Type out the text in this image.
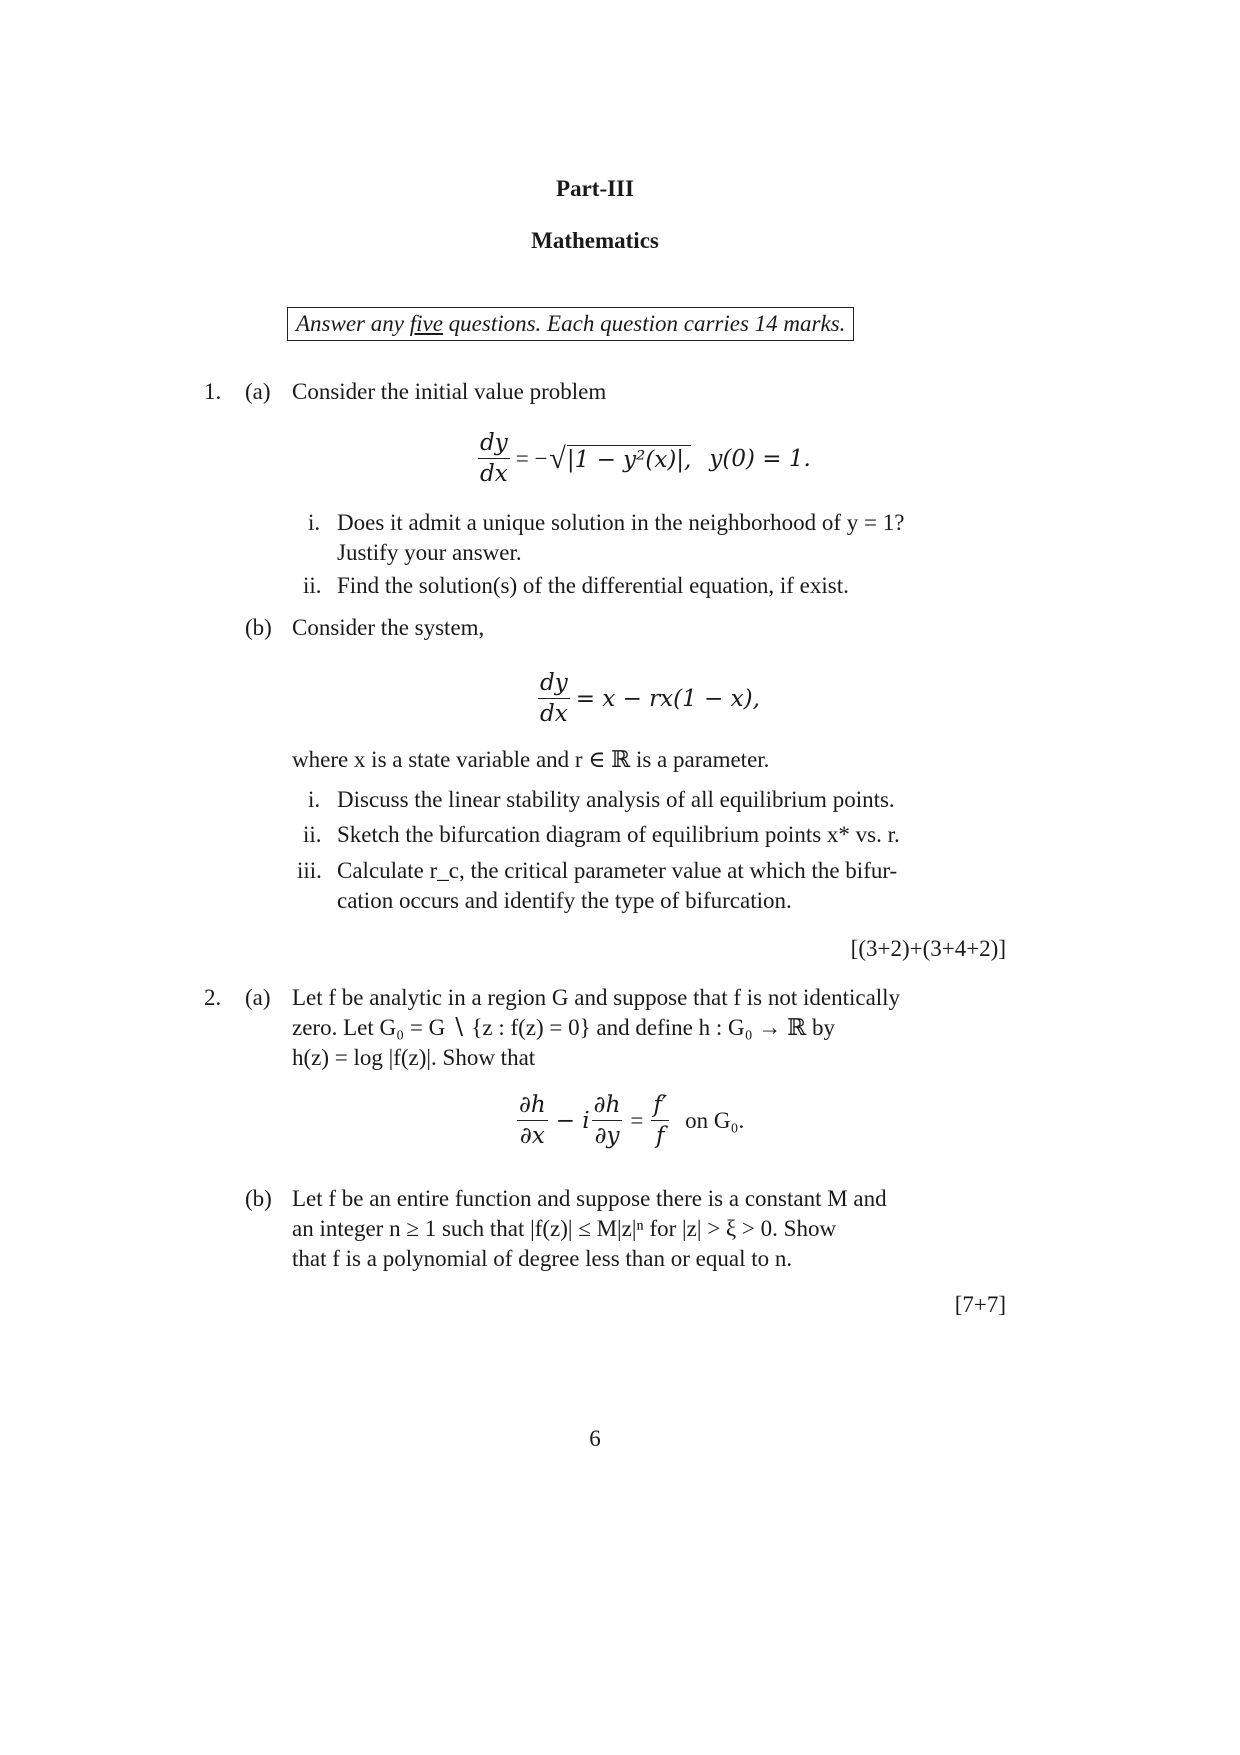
Part-III
Mathematics
Answer any five questions. Each question carries 14 marks.
1. (a) Consider the initial value problem
$\frac{dy}{dx}$ = − √ |1 − y²(x)|, y(0) = 1.
i. Does it admit a unique solution in the neighborhood of y = 1?
Justify your answer.
ii. Find the solution(s) of the differential equation, if exist.
(b) Consider the system,
$\frac{dy}{dx} = x - rx(1 - x)$,
where x is a state variable and r ∈ ℝ is a parameter.
i. Discuss the linear stability analysis of all equilibrium points.
ii. Sketch the bifurcation diagram of equilibrium points x* vs. r.
iii. Calculate r_c, the critical parameter value at which the bifur-
cation occurs and identify the type of bifurcation.
[(3+2)+(3+4+2)]
2. (a) Let f be analytic in a region G and suppose that f is not identically
zero. Let G₀ = G ∖ {z : f(z) = 0} and define h : G₀ → ℝ by
h(z) = log |f(z)|. Show that
$\frac{\partial h}{\partial x} - i \frac{\partial h}{\partial y} = \frac{f'}{f}$ on G₀.
(b) Let f be an entire function and suppose there is a constant M and
an integer n ≥ 1 such that |f(z)| ≤ M|z|ⁿ for |z| > ξ > 0. Show
that f is a polynomial of degree less than or equal to n.
[7+7]
6
